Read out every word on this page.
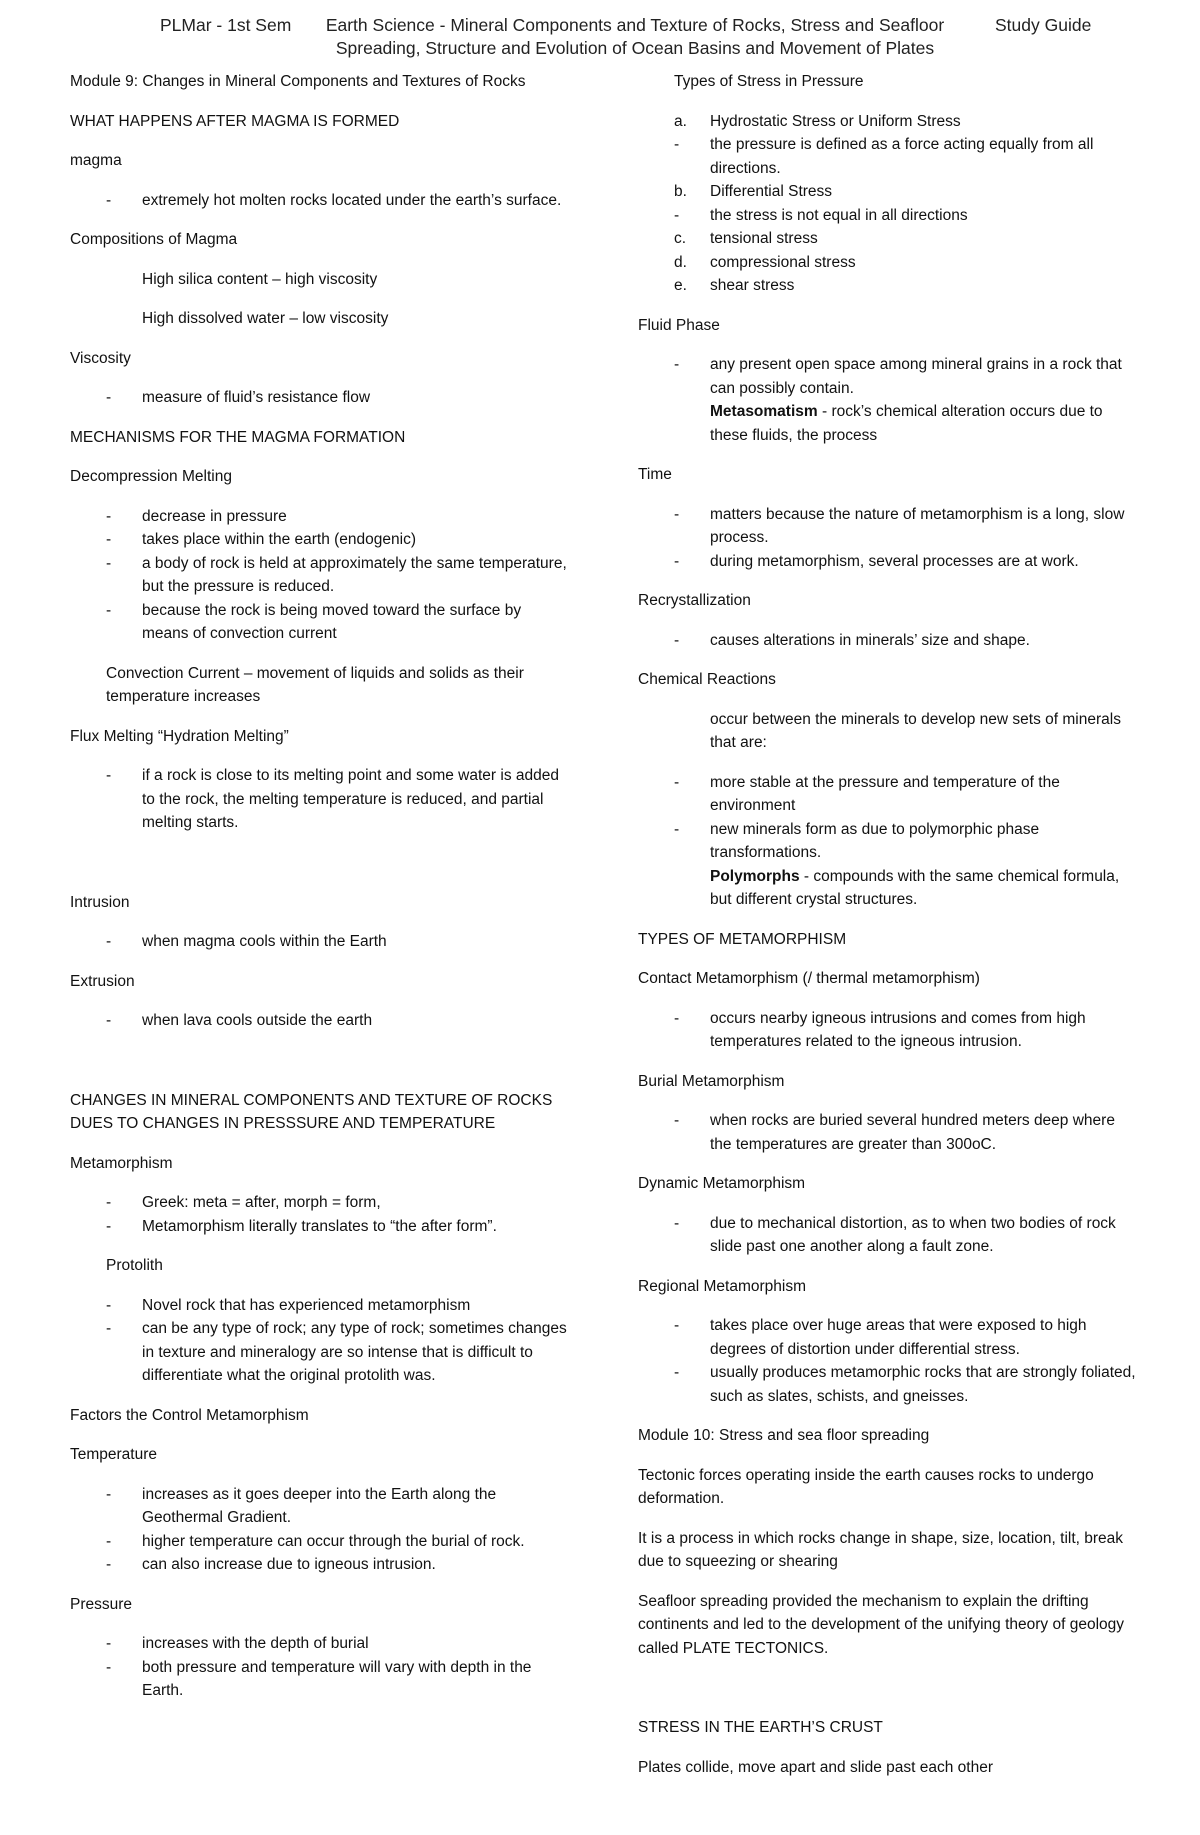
PLMar - 1st Sem	Earth Science - Mineral Components and Texture of Rocks, Stress and Seafloor Spreading, Structure and Evolution of Ocean Basins and Movement of Plates
Study Guide

Module 9: Changes in Mineral Components and Textures of Rocks

WHAT HAPPENS AFTER MAGMA IS FORMED

magma

- extremely hot molten rocks located under the earth’s surface.

Compositions of Magma

High silica content – high viscosity

High dissolved water – low viscosity

Viscosity

- measure of fluid’s resistance flow

MECHANISMS FOR THE MAGMA FORMATION

Decompression Melting

- decrease in pressure
- takes place within the earth (endogenic)
- a body of rock is held at approximately the same temperature, but the pressure is reduced.
- because the rock is being moved toward the surface by means of convection current

Convection Current – movement of liquids and solids as their temperature increases

Flux Melting “Hydration Melting”

- if a rock is close to its melting point and some water is added to the rock, the melting temperature is reduced, and partial melting starts.

Intrusion

- when magma cools within the Earth

Extrusion

- when lava cools outside the earth

CHANGES IN MINERAL COMPONENTS AND TEXTURE OF ROCKS DUES TO CHANGES IN PRESSSURE AND TEMPERATURE

Metamorphism

- Greek: meta = after, morph = form,
- Metamorphism literally translates to “the after form”.

Protolith

- Novel rock that has experienced metamorphism
- can be any type of rock; any type of rock; sometimes changes in texture and mineralogy are so intense that is difficult to differentiate what the original protolith was.

Factors the Control Metamorphism

Temperature

- increases as it goes deeper into the Earth along the Geothermal Gradient.
- higher temperature can occur through the burial of rock.
- can also increase due to igneous intrusion.

Pressure

- increases with the depth of burial
- both pressure and temperature will vary with depth in the Earth.

Types of Stress in Pressure

a. Hydrostatic Stress or Uniform Stress
- the pressure is defined as a force acting equally from all directions.
b. Differential Stress
- the stress is not equal in all directions
c. tensional stress
d. compressional stress
e. shear stress

Fluid Phase

- any present open space among mineral grains in a rock that can possibly contain.
Metasomatism - rock’s chemical alteration occurs due to these fluids, the process

Time

- matters because the nature of metamorphism is a long, slow process.
- during metamorphism, several processes are at work.

Recrystallization

- causes alterations in minerals’ size and shape.

Chemical Reactions

occur between the minerals to develop new sets of minerals that are:

- more stable at the pressure and temperature of the environment
- new minerals form as due to polymorphic phase transformations.
Polymorphs - compounds with the same chemical formula, but different crystal structures.

TYPES OF METAMORPHISM

Contact Metamorphism (/ thermal metamorphism)

- occurs nearby igneous intrusions and comes from high temperatures related to the igneous intrusion.

Burial Metamorphism

- when rocks are buried several hundred meters deep where the temperatures are greater than 300oC.

Dynamic Metamorphism

- due to mechanical distortion, as to when two bodies of rock slide past one another along a fault zone.

Regional Metamorphism

- takes place over huge areas that were exposed to high degrees of distortion under differential stress.
- usually produces metamorphic rocks that are strongly foliated, such as slates, schists, and gneisses.

Module 10: Stress and sea floor spreading

Tectonic forces operating inside the earth causes rocks to undergo deformation.

It is a process in which rocks change in shape, size, location, tilt, break due to squeezing or shearing

Seafloor spreading provided the mechanism to explain the drifting continents and led to the development of the unifying theory of geology called PLATE TECTONICS.

STRESS IN THE EARTH’S CRUST

Plates collide, move apart and slide past each other
